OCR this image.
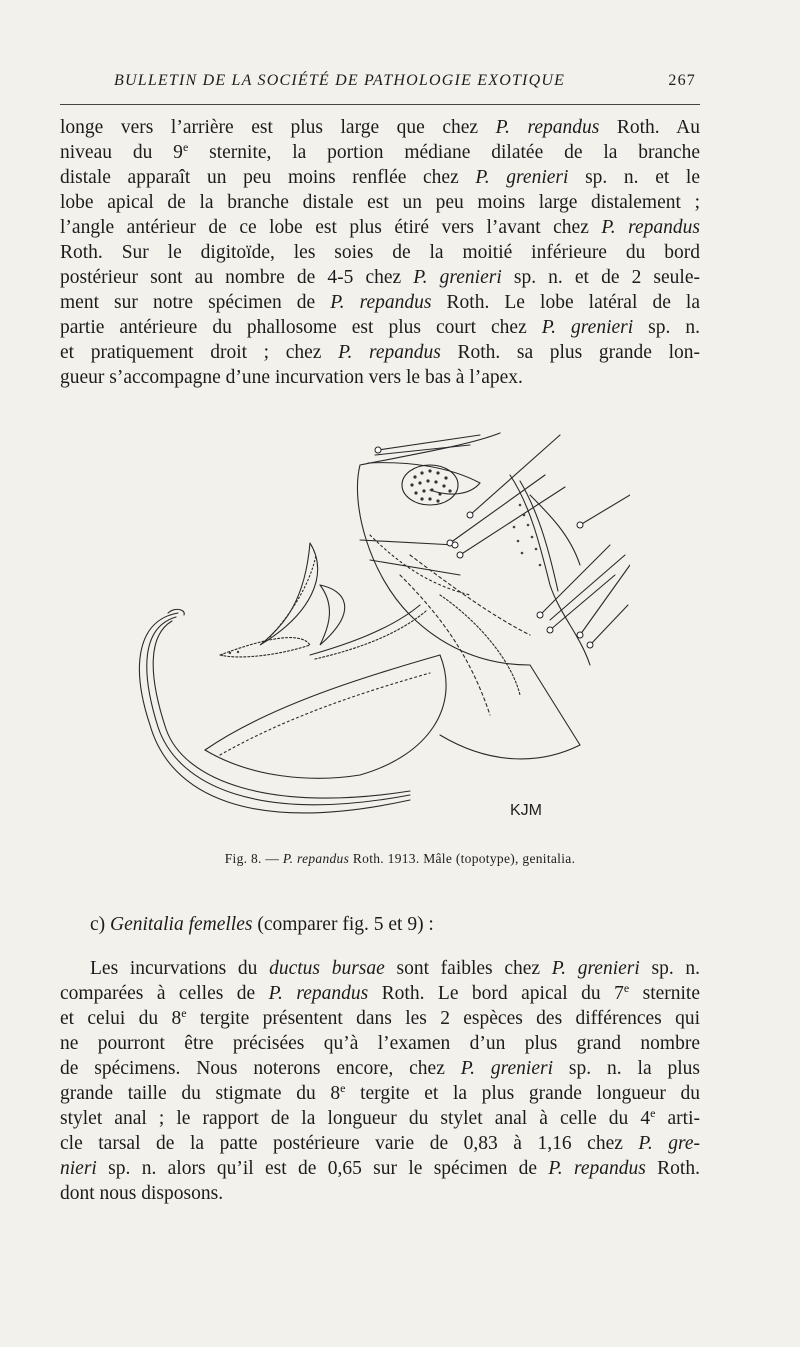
BULLETIN DE LA SOCIÉTÉ DE PATHOLOGIE EXOTIQUE	267
longe vers l’arrière est plus large que chez P. repandus Roth. Au
niveau du 9e sternite, la portion médiane dilatée de la branche
distale apparaît un peu moins renflée chez P. grenieri sp. n. et le
lobe apical de la branche distale est un peu moins large distalement ;
l’angle antérieur de ce lobe est plus étiré vers l’avant chez P. repandus
Roth. Sur le digitoïde, les soies de la moitié inférieure du bord
postérieur sont au nombre de 4-5 chez P. grenieri sp. n. et de 2 seule-
ment sur notre spécimen de P. repandus Roth. Le lobe latéral de la
partie antérieure du phallosome est plus court chez P. grenieri sp. n.
et pratiquement droit ; chez P. repandus Roth. sa plus grande lon-
gueur s’accompagne d’une incurvation vers le bas à l’apex.
KJM
Fig. 8. — P. repandus Roth. 1913. Mâle (topotype), genitalia.
c) Genitalia femelles (comparer fig. 5 et 9) :
Les incurvations du ductus bursae sont faibles chez P. grenieri sp. n.
comparées à celles de P. repandus Roth. Le bord apical du 7e sternite
et celui du 8e tergite présentent dans les 2 espèces des différences qui
ne pourront être précisées qu’à l’examen d’un plus grand nombre
de spécimens. Nous noterons encore, chez P. grenieri sp. n. la plus
grande taille du stigmate du 8e tergite et la plus grande longueur du
stylet anal ; le rapport de la longueur du stylet anal à celle du 4e arti-
cle tarsal de la patte postérieure varie de 0,83 à 1,16 chez P. gre-
nieri sp. n. alors qu’il est de 0,65 sur le spécimen de P. repandus Roth.
dont nous disposons.
